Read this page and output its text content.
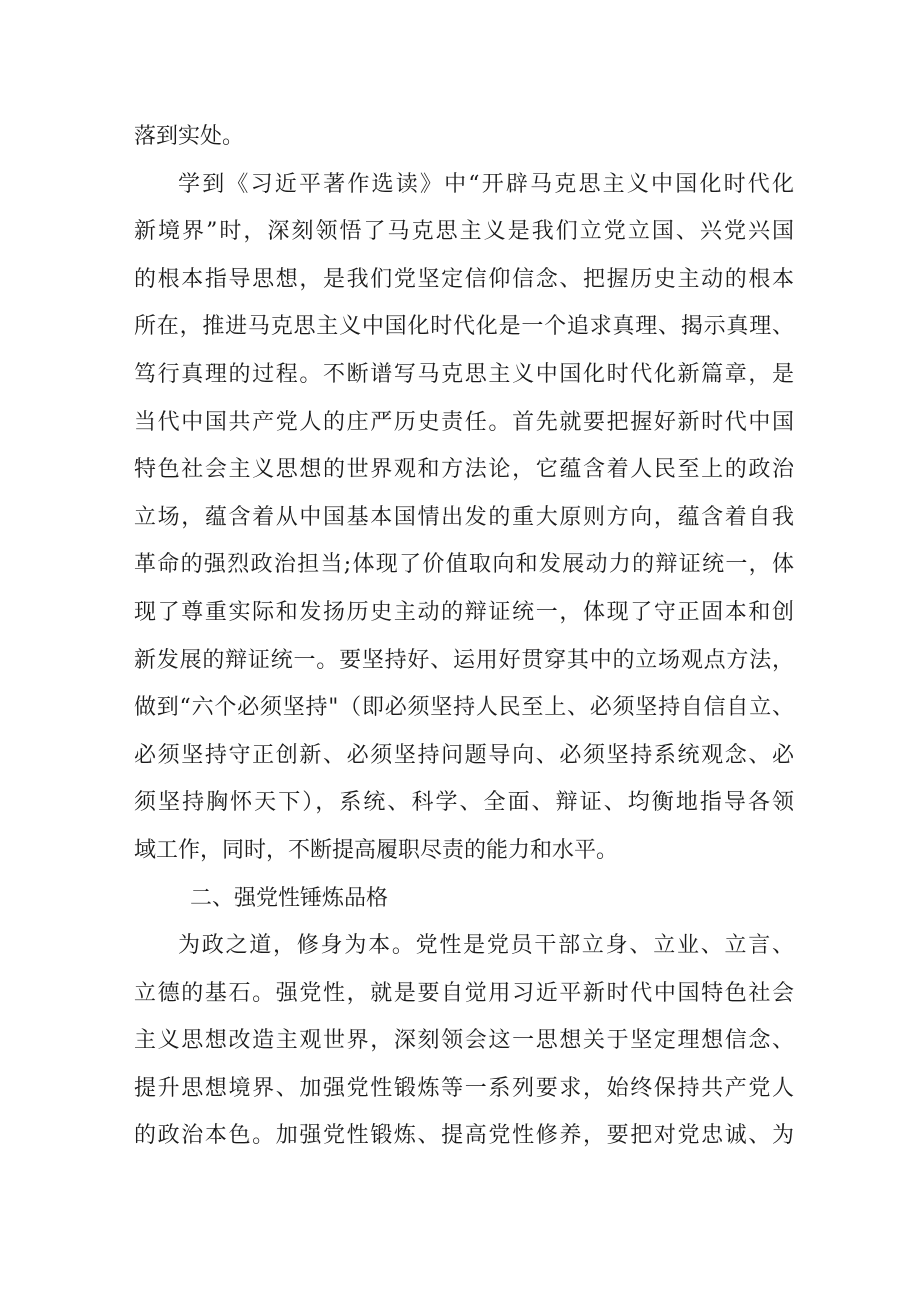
落到实处。
学到《习近平著作选读》中“开辟马克思主义中国化时代化
新境界”时，深刻领悟了马克思主义是我们立党立国、兴党兴国
的根本指导思想，是我们党坚定信仰信念、把握历史主动的根本
所在，推进马克思主义中国化时代化是一个追求真理、揭示真理、
笃行真理的过程。不断谱写马克思主义中国化时代化新篇章，是
当代中国共产党人的庄严历史责任。首先就要把握好新时代中国
特色社会主义思想的世界观和方法论，它蕴含着人民至上的政治
立场，蕴含着从中国基本国情出发的重大原则方向，蕴含着自我
革命的强烈政治担当;体现了价值取向和发展动力的辩证统一，体
现了尊重实际和发扬历史主动的辩证统一，体现了守正固本和创
新发展的辩证统一。要坚持好、运用好贯穿其中的立场观点方法，
做到“六个必须坚持"（即必须坚持人民至上、必须坚持自信自立、
必须坚持守正创新、必须坚持问题导向、必须坚持系统观念、必
须坚持胸怀天下），系统、科学、全面、辩证、均衡地指导各领
域工作，同时，不断提高履职尽责的能力和水平。
二、强党性锤炼品格
为政之道，修身为本。党性是党员干部立身、立业、立言、
立德的基石。强党性，就是要自觉用习近平新时代中国特色社会
主义思想改造主观世界，深刻领会这一思想关于坚定理想信念、
提升思想境界、加强党性锻炼等一系列要求，始终保持共产党人
的政治本色。加强党性锻炼、提高党性修养，要把对党忠诚、为
